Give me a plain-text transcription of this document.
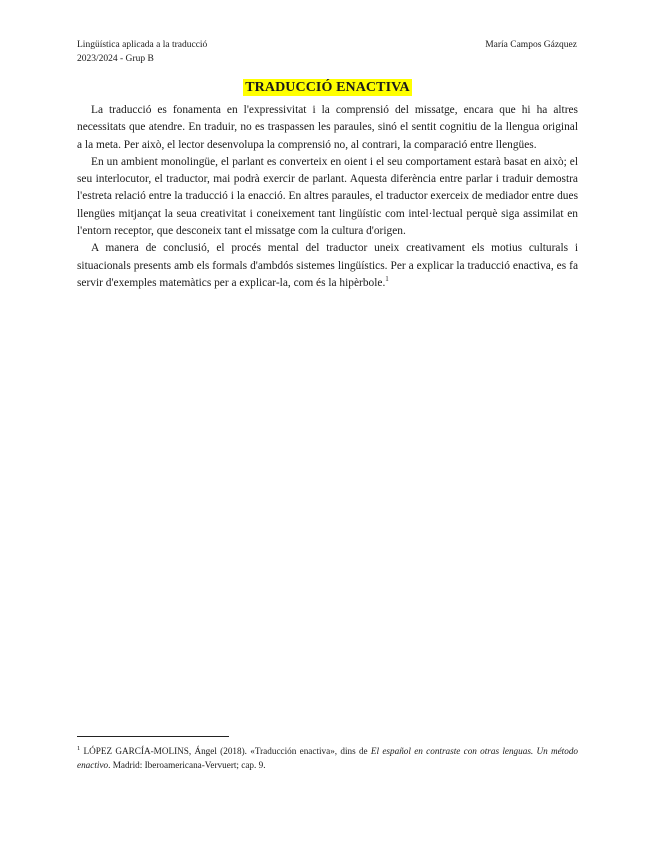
Lingüística aplicada a la traducció
2023/2024 - Grup B
María Campos Gázquez
TRADUCCIÓ ENACTIVA

La traducció es fonamenta en l'expressivitat i la comprensió del missatge, encara que hi ha altres necessitats que atendre. En traduir, no es traspassen les paraules, sinó el sentit cognitiu de la llengua original a la meta. Per això, el lector desenvolupa la comprensió no, al contrari, la comparació entre llengües.

En un ambient monolingüe, el parlant es converteix en oient i el seu comportament estarà basat en això; el seu interlocutor, el traductor, mai podrà exercir de parlant. Aquesta diferència entre parlar i traduir demostra l'estreta relació entre la traducció i la enacció. En altres paraules, el traductor exerceix de mediador entre dues llengües mitjançat la seua creativitat i coneixement tant lingüístic com intel·lectual perquè siga assimilat en l'entorn receptor, que desconeix tant el missatge com la cultura d'origen.

A manera de conclusió, el procés mental del traductor uneix creativament els motius culturals i situacionals presents amb els formals d'ambdós sistemes lingüístics. Per a explicar la traducció enactiva, es fa servir d'exemples matemàtics per a explicar-la, com és la hipèrbole.$^1$

$^1$ LÓPEZ GARCÍA-MOLINS, Ángel (2018). «Traducción enactiva», dins de El español en contraste con otras lenguas. Un método enactivo. Madrid: Iberoamericana-Vervuert; cap. 9.
